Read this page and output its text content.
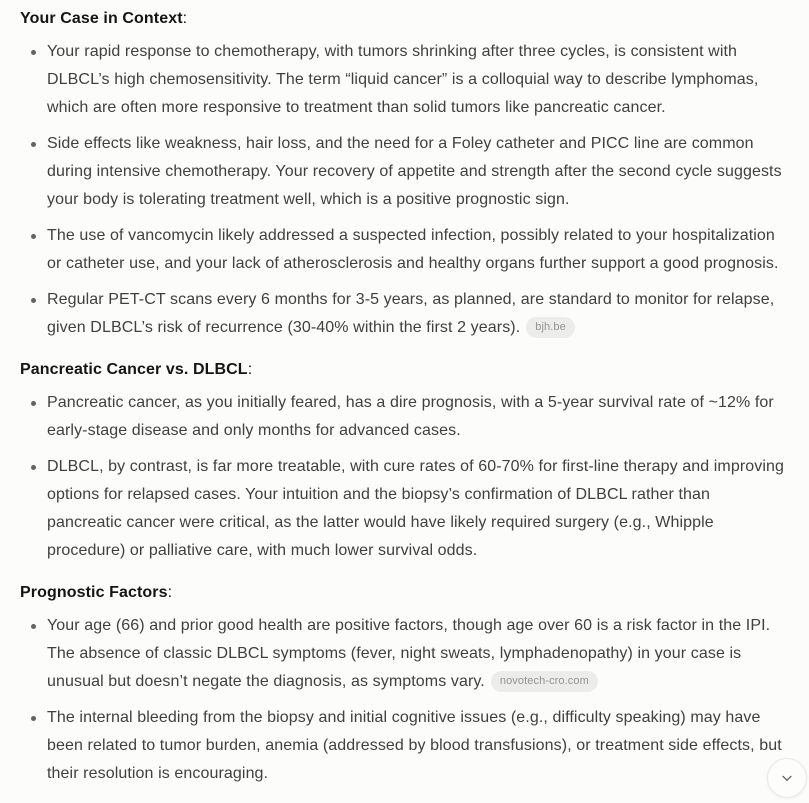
Your Case in Context:
Your rapid response to chemotherapy, with tumors shrinking after three cycles, is consistent with DLBCL’s high chemosensitivity. The term “liquid cancer” is a colloquial way to describe lymphomas, which are often more responsive to treatment than solid tumors like pancreatic cancer.
Side effects like weakness, hair loss, and the need for a Foley catheter and PICC line are common during intensive chemotherapy. Your recovery of appetite and strength after the second cycle suggests your body is tolerating treatment well, which is a positive prognostic sign.
The use of vancomycin likely addressed a suspected infection, possibly related to your hospitalization or catheter use, and your lack of atherosclerosis and healthy organs further support a good prognosis.
Regular PET-CT scans every 6 months for 3-5 years, as planned, are standard to monitor for relapse, given DLBCL’s risk of recurrence (30-40% within the first 2 years). bjh.be
Pancreatic Cancer vs. DLBCL:
Pancreatic cancer, as you initially feared, has a dire prognosis, with a 5-year survival rate of ~12% for early-stage disease and only months for advanced cases.
DLBCL, by contrast, is far more treatable, with cure rates of 60-70% for first-line therapy and improving options for relapsed cases. Your intuition and the biopsy’s confirmation of DLBCL rather than pancreatic cancer were critical, as the latter would have likely required surgery (e.g., Whipple procedure) or palliative care, with much lower survival odds.
Prognostic Factors:
Your age (66) and prior good health are positive factors, though age over 60 is a risk factor in the IPI. The absence of classic DLBCL symptoms (fever, night sweats, lymphadenopathy) in your case is unusual but doesn’t negate the diagnosis, as symptoms vary. novotech-cro.com
The internal bleeding from the biopsy and initial cognitive issues (e.g., difficulty speaking) may have been related to tumor burden, anemia (addressed by blood transfusions), or treatment side effects, but their resolution is encouraging.
